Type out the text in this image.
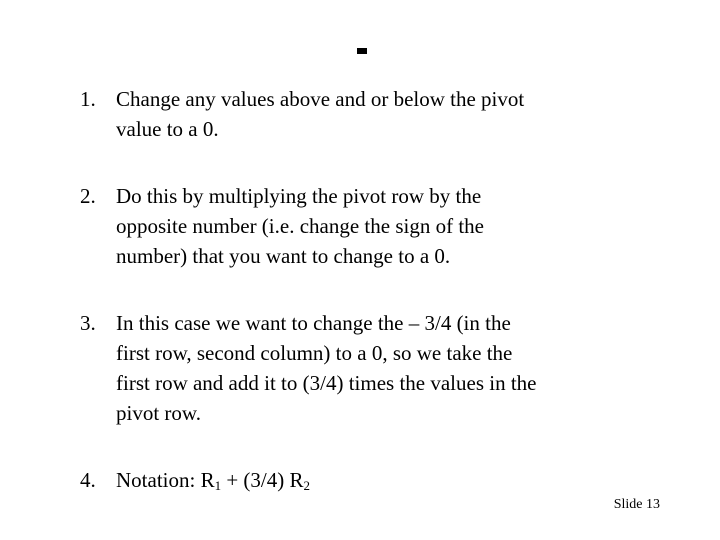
1. Change any values above and or below the pivot
value to a 0.
2. Do this by multiplying the pivot row by the
opposite number (i.e. change the sign of the
number) that you want to change to a 0.
3. In this case we want to change the – 3/4 (in the
first row, second column) to a 0, so we take the
first row and add it to (3/4) times the values in the
pivot row.
4. Notation: $R_1 + (3/4)$ $R_2$
Slide 13
